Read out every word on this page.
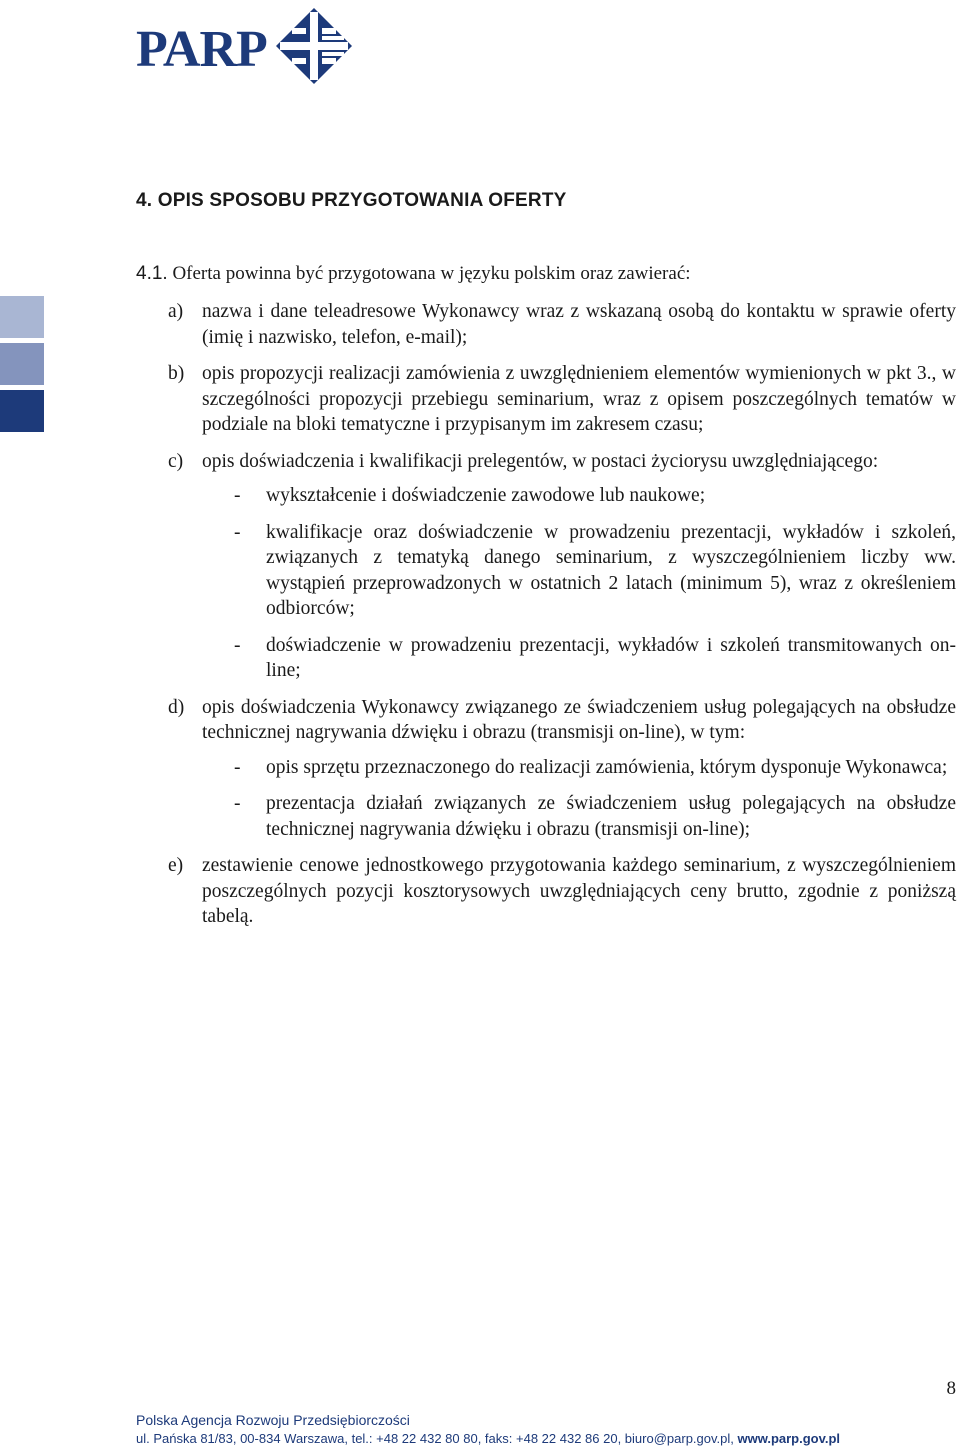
PARP
4. OPIS SPOSOBU PRZYGOTOWANIA OFERTY
4.1. Oferta powinna być przygotowana w języku polskim oraz zawierać:
a) nazwa i dane teleadresowe Wykonawcy wraz z wskazaną osobą do kontaktu w sprawie oferty (imię i nazwisko, telefon, e-mail);
b) opis propozycji realizacji zamówienia z uwzględnieniem elementów wymienionych w pkt 3., w szczególności propozycji przebiegu seminarium, wraz z opisem poszczególnych tematów w podziale na bloki tematyczne i przypisanym im zakresem czasu;
c) opis doświadczenia i kwalifikacji prelegentów, w postaci życiorysu uwzględniającego:
-	wykształcenie i doświadczenie zawodowe lub naukowe;
-	kwalifikacje oraz doświadczenie w prowadzeniu prezentacji, wykładów i szkoleń, związanych z tematyką danego seminarium, z wyszczególnieniem liczby ww. wystąpień przeprowadzonych w ostatnich 2 latach (minimum 5), wraz z określeniem odbiorców;
-	doświadczenie w prowadzeniu prezentacji, wykładów i szkoleń transmitowanych on-line;
d) opis doświadczenia Wykonawcy związanego ze świadczeniem usług polegających na obsłudze technicznej nagrywania dźwięku i obrazu (transmisji on-line), w tym:
-	opis sprzętu przeznaczonego do realizacji zamówienia, którym dysponuje Wykonawca;
-	prezentacja działań związanych ze świadczeniem usług polegających na obsłudze technicznej nagrywania dźwięku i obrazu (transmisji on-line);
e) zestawienie cenowe jednostkowego przygotowania każdego seminarium, z wyszczególnieniem poszczególnych pozycji kosztorysowych uwzględniających ceny brutto, zgodnie z poniższą tabelą.
8
Polska Agencja Rozwoju Przedsiębiorczości
ul. Pańska 81/83, 00-834 Warszawa, tel.: +48 22 432 80 80, faks: +48 22 432 86 20, biuro@parp.gov.pl, www.parp.gov.pl
